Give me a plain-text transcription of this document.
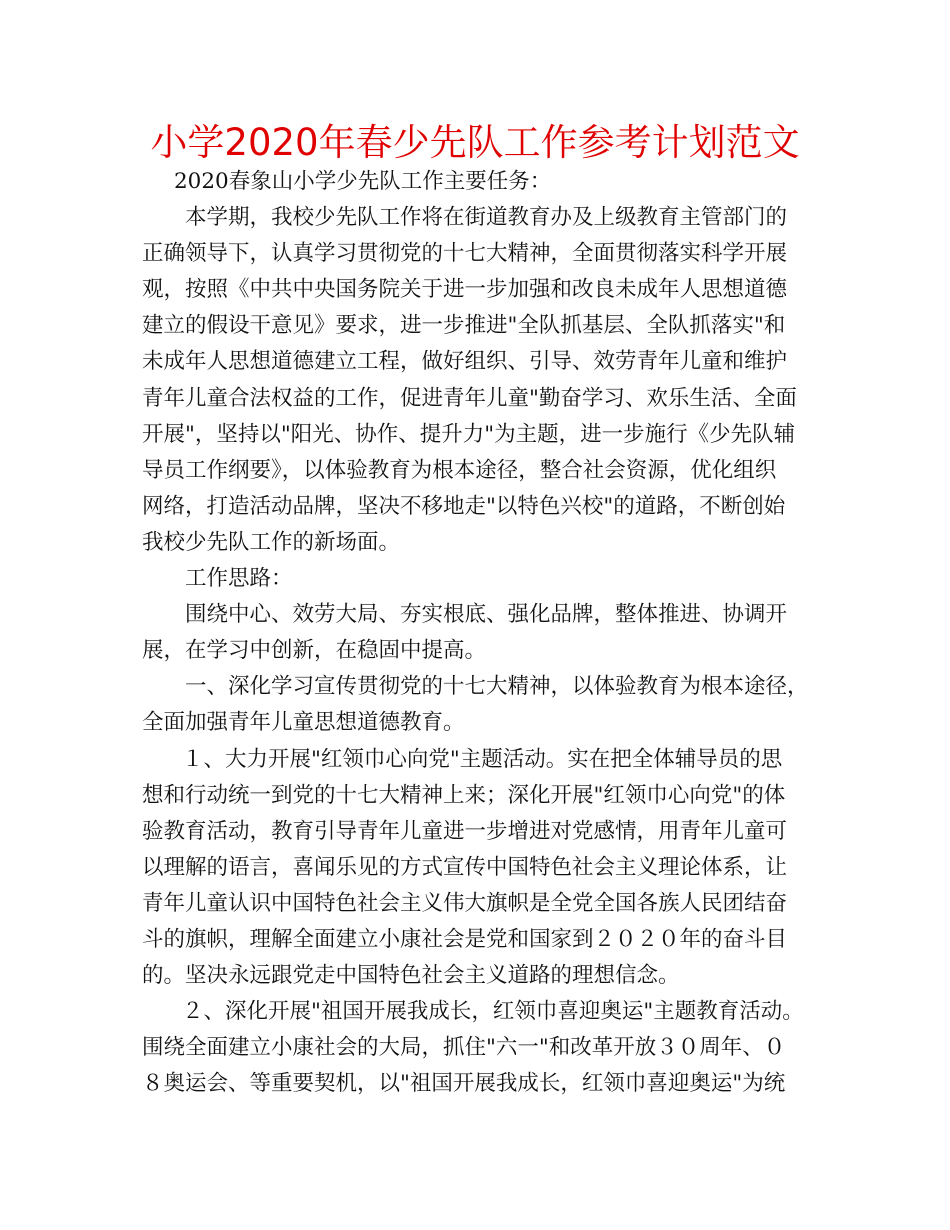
小学2020年春少先队工作参考计划范文
2020春象山小学少先队工作主要任务：
本学期，我校少先队工作将在街道教育办及上级教育主管部门的
正确领导下，认真学习贯彻党的十七大精神，全面贯彻落实科学开展
观，按照《中共中央国务院关于进一步加强和改良未成年人思想道德
建立的假设干意见》要求，进一步推进"全队抓基层、全队抓落实"和
未成年人思想道德建立工程，做好组织、引导、效劳青年儿童和维护
青年儿童合法权益的工作，促进青年儿童"勤奋学习、欢乐生活、全面
开展"，坚持以"阳光、协作、提升力"为主题，进一步施行《少先队辅
导员工作纲要》，以体验教育为根本途径，整合社会资源，优化组织
网络，打造活动品牌，坚决不移地走"以特色兴校"的道路，不断创始
我校少先队工作的新场面。
工作思路：
围绕中心、效劳大局、夯实根底、强化品牌，整体推进、协调开
展，在学习中创新，在稳固中提高。
一、深化学习宣传贯彻党的十七大精神，以体验教育为根本途径，
全面加强青年儿童思想道德教育。
１、大力开展"红领巾心向党"主题活动。实在把全体辅导员的思
想和行动统一到党的十七大精神上来；深化开展"红领巾心向党"的体
验教育活动，教育引导青年儿童进一步增进对党感情，用青年儿童可
以理解的语言，喜闻乐见的方式宣传中国特色社会主义理论体系，让
青年儿童认识中国特色社会主义伟大旗帜是全党全国各族人民团结奋
斗的旗帜，理解全面建立小康社会是党和国家到２０２０年的奋斗目
的。坚决永远跟党走中国特色社会主义道路的理想信念。
２、深化开展"祖国开展我成长，红领巾喜迎奥运"主题教育活动。
围绕全面建立小康社会的大局，抓住"六一"和改革开放３０周年、０
８奥运会、等重要契机，以"祖国开展我成长，红领巾喜迎奥运"为统
